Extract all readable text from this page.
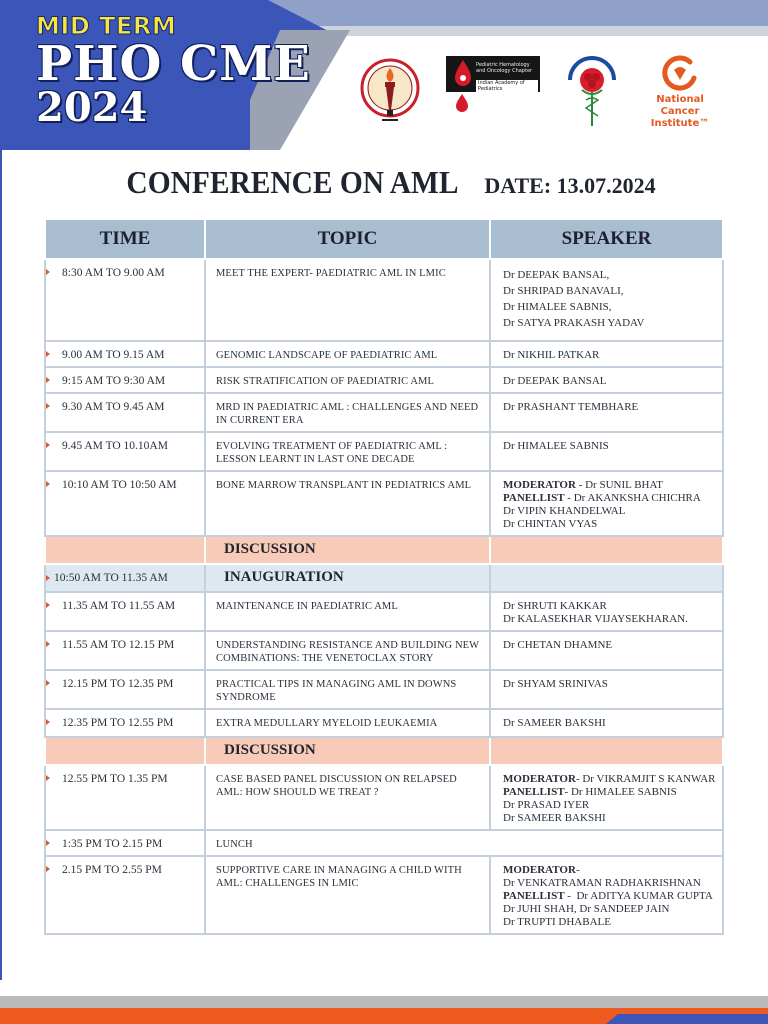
MID TERM
PHO CME
2024
Pediatric Hematology and Oncology Chapter
Indian Academy of Pediatrics
National
Cancer Institute™
CONFERENCE ON AML DATE: 13.07.2024
TIME	TOPIC	SPEAKER

8:30 AM TO 9.00 AM	MEET THE EXPERT- PAEDIATRIC AML IN LMIC	Dr DEEPAK BANSAL,
Dr SHRIPAD BANAVALI,
Dr HIMALEE SABNIS,
Dr SATYA PRAKASH YADAV

9.00 AM TO 9.15 AM	GENOMIC LANDSCAPE OF PAEDIATRIC AML	Dr NIKHIL PATKAR

9:15 AM TO 9:30 AM	RISK STRATIFICATION OF PAEDIATRIC AML	Dr DEEPAK BANSAL

9.30 AM TO 9.45 AM	MRD IN PAEDIATRIC AML : CHALLENGES AND NEED IN CURRENT ERA	Dr PRASHANT TEMBHARE

9.45 AM TO 10.10AM	EVOLVING TREATMENT OF PAEDIATRIC AML : LESSON LEARNT IN LAST ONE DECADE	Dr HIMALEE SABNIS

10:10 AM TO 10:50 AM	BONE MARROW TRANSPLANT IN PEDIATRICS AML	MODERATOR - Dr SUNIL BHAT
PANELLIST - Dr AKANKSHA CHICHRA
Dr VIPIN KHANDELWAL
Dr CHINTAN VYAS

	DISCUSSION	

10:50 AM TO 11.35 AM	INAUGURATION	

11.35 AM TO 11.55 AM	MAINTENANCE IN PAEDIATRIC AML	Dr SHRUTI KAKKAR
Dr KALASEKHAR VIJAYSEKHARAN.

11.55 AM TO 12.15 PM	UNDERSTANDING RESISTANCE AND BUILDING NEW COMBINATIONS: THE VENETOCLAX STORY	Dr CHETAN DHAMNE

12.15 PM TO 12.35 PM	PRACTICAL TIPS IN MANAGING AML IN DOWNS SYNDROME	Dr SHYAM SRINIVAS

12.35 PM TO 12.55 PM	EXTRA MEDULLARY MYELOID LEUKAEMIA	Dr SAMEER BAKSHI

	DISCUSSION	

12.55 PM TO 1.35 PM	CASE BASED PANEL DISCUSSION ON RELAPSED AML: HOW SHOULD WE TREAT ?	MODERATOR- Dr VIKRAMJIT S KANWAR
PANELLIST- Dr HIMALEE SABNIS
Dr PRASAD IYER
Dr SAMEER BAKSHI

1:35 PM TO 2.15 PM	LUNCH	

2.15 PM TO 2.55 PM	SUPPORTIVE CARE IN MANAGING A CHILD WITH AML: CHALLENGES IN LMIC	MODERATOR-
Dr VENKATRAMAN RADHAKRISHNAN
PANELLIST -  Dr ADITYA KUMAR GUPTA
Dr JUHI SHAH, Dr SANDEEP JAIN
Dr TRUPTI DHABALE
